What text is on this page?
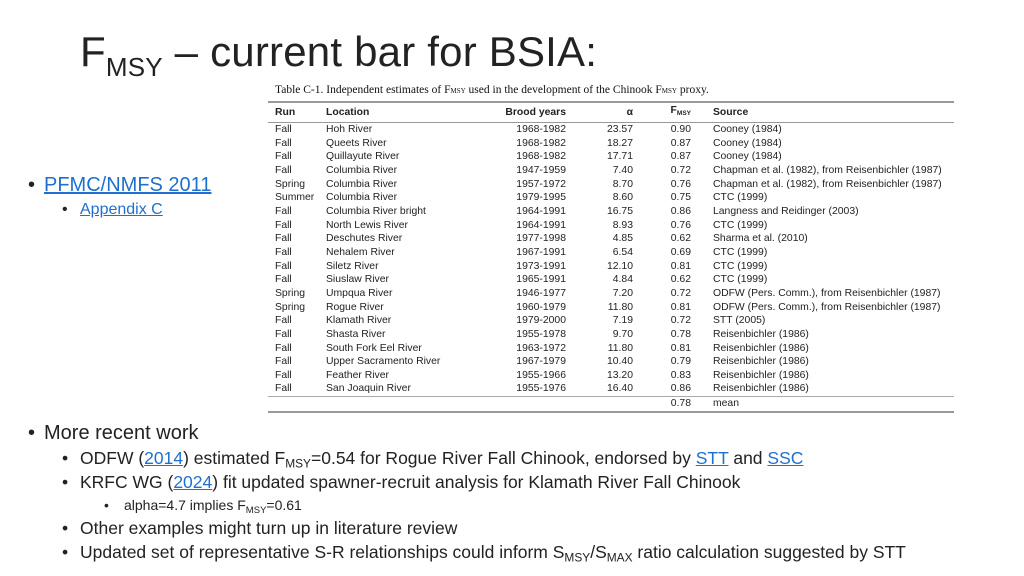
$F_{MSY}$ – current bar for BSIA:
Table C-1. Independent estimates of FMSY used in the development of the Chinook FMSY proxy.
Run	Location	Brood years	α	FMSY	Source

Fall	Hoh River	1968-1982	23.57	0.90	Cooney (1984)
Fall	Queets River	1968-1982	18.27	0.87	Cooney (1984)
Fall	Quillayute River	1968-1982	17.71	0.87	Cooney (1984)
Fall	Columbia River	1947-1959	7.40	0.72	Chapman et al. (1982), from Reisenbichler (1987)
Spring	Columbia River	1957-1972	8.70	0.76	Chapman et al. (1982), from Reisenbichler (1987)
Summer	Columbia River	1979-1995	8.60	0.75	CTC (1999)
Fall	Columbia River bright	1964-1991	16.75	0.86	Langness and Reidinger (2003)
Fall	North Lewis River	1964-1991	8.93	0.76	CTC (1999)
Fall	Deschutes River	1977-1998	4.85	0.62	Sharma et al. (2010)
Fall	Nehalem River	1967-1991	6.54	0.69	CTC (1999)
Fall	Siletz River	1973-1991	12.10	0.81	CTC (1999)
Fall	Siuslaw River	1965-1991	4.84	0.62	CTC (1999)
Spring	Umpqua River	1946-1977	7.20	0.72	ODFW (Pers. Comm.), from Reisenbichler (1987)
Spring	Rogue River	1960-1979	11.80	0.81	ODFW (Pers. Comm.), from Reisenbichler (1987)
Fall	Klamath River	1979-2000	7.19	0.72	STT (2005)
Fall	Shasta River	1955-1978	9.70	0.78	Reisenbichler (1986)
Fall	South Fork Eel River	1963-1972	11.80	0.81	Reisenbichler (1986)
Fall	Upper Sacramento River	1967-1979	10.40	0.79	Reisenbichler (1986)
Fall	Feather River	1955-1966	13.20	0.83	Reisenbichler (1986)
Fall	San Joaquin River	1955-1976	16.40	0.86	Reisenbichler (1986)
				0.78	mean
• PFMC/NMFS 2011
• Appendix C
• More recent work
• ODFW (2014) estimated $F_{MSY}=0.54$ for Rogue River Fall Chinook, endorsed by STT and SSC
• KRFC WG (2024) fit updated spawner-recruit analysis for Klamath River Fall Chinook
• alpha=4.7 implies $F_{MSY}=0.61$
• Other examples might turn up in literature review
• Updated set of representative S-R relationships could inform $S_{MSY}/S_{MAX}$ ratio calculation suggested by STT
